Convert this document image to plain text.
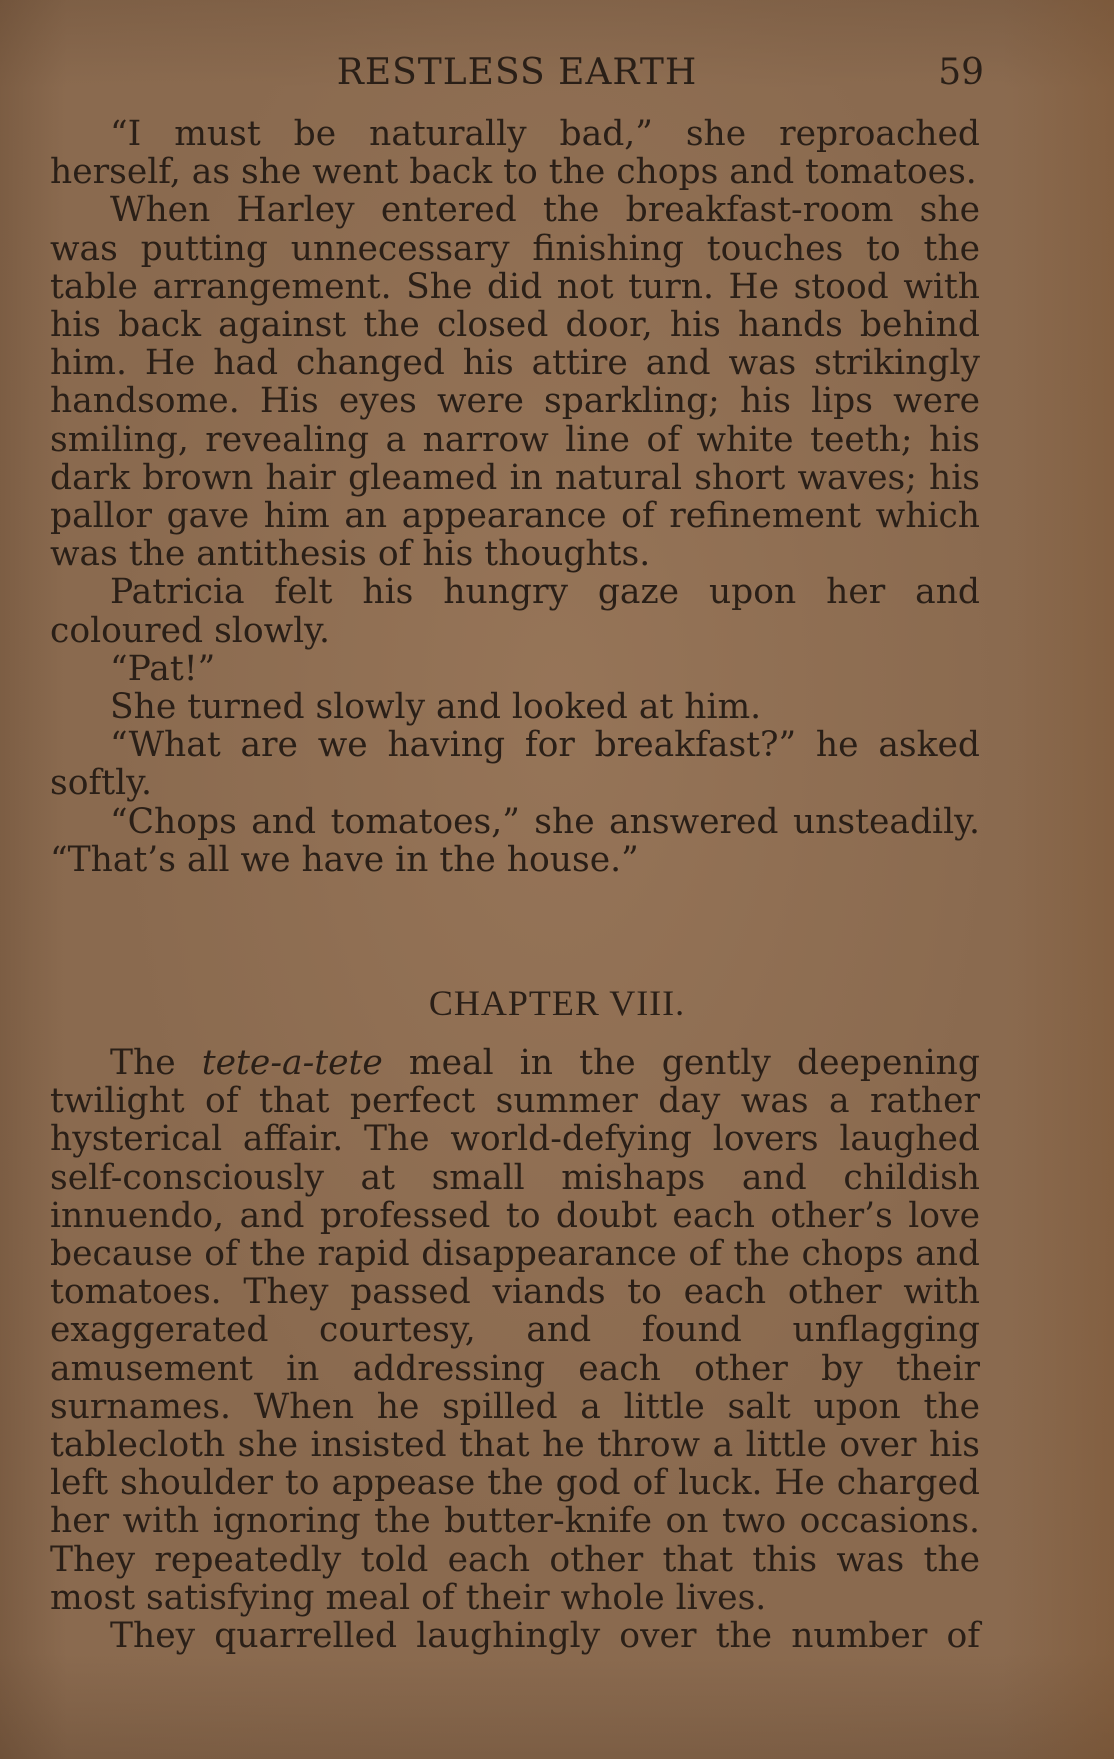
RESTLESS EARTH	59

“I must be naturally bad,” she reproached herself, as she went back to the chops and tomatoes.

When Harley entered the breakfast-room she was putting unnecessary finishing touches to the table arrangement. She did not turn. He stood with his back against the closed door, his hands behind him. He had changed his attire and was strikingly handsome. His eyes were sparkling; his lips were smiling, revealing a narrow line of white teeth; his dark brown hair gleamed in natural short waves; his pallor gave him an appearance of refinement which was the antithesis of his thoughts.

Patricia felt his hungry gaze upon her and coloured slowly.

“Pat!”

She turned slowly and looked at him.

“What are we having for breakfast?” he asked softly.

“Chops and tomatoes,” she answered unsteadily. “That’s all we have in the house.”

CHAPTER VIII.

The tete-a-tete meal in the gently deepening twilight of that perfect summer day was a rather hysterical affair. The world-defying lovers laughed self-consciously at small mishaps and childish innuendo, and professed to doubt each other’s love because of the rapid disappearance of the chops and tomatoes. They passed viands to each other with exaggerated courtesy, and found unflagging amusement in addressing each other by their surnames. When he spilled a little salt upon the tablecloth she insisted that he throw a little over his left shoulder to appease the god of luck. He charged her with ignoring the butter-knife on two occasions. They repeatedly told each other that this was the most satisfying meal of their whole lives.

They quarrelled laughingly over the number of
